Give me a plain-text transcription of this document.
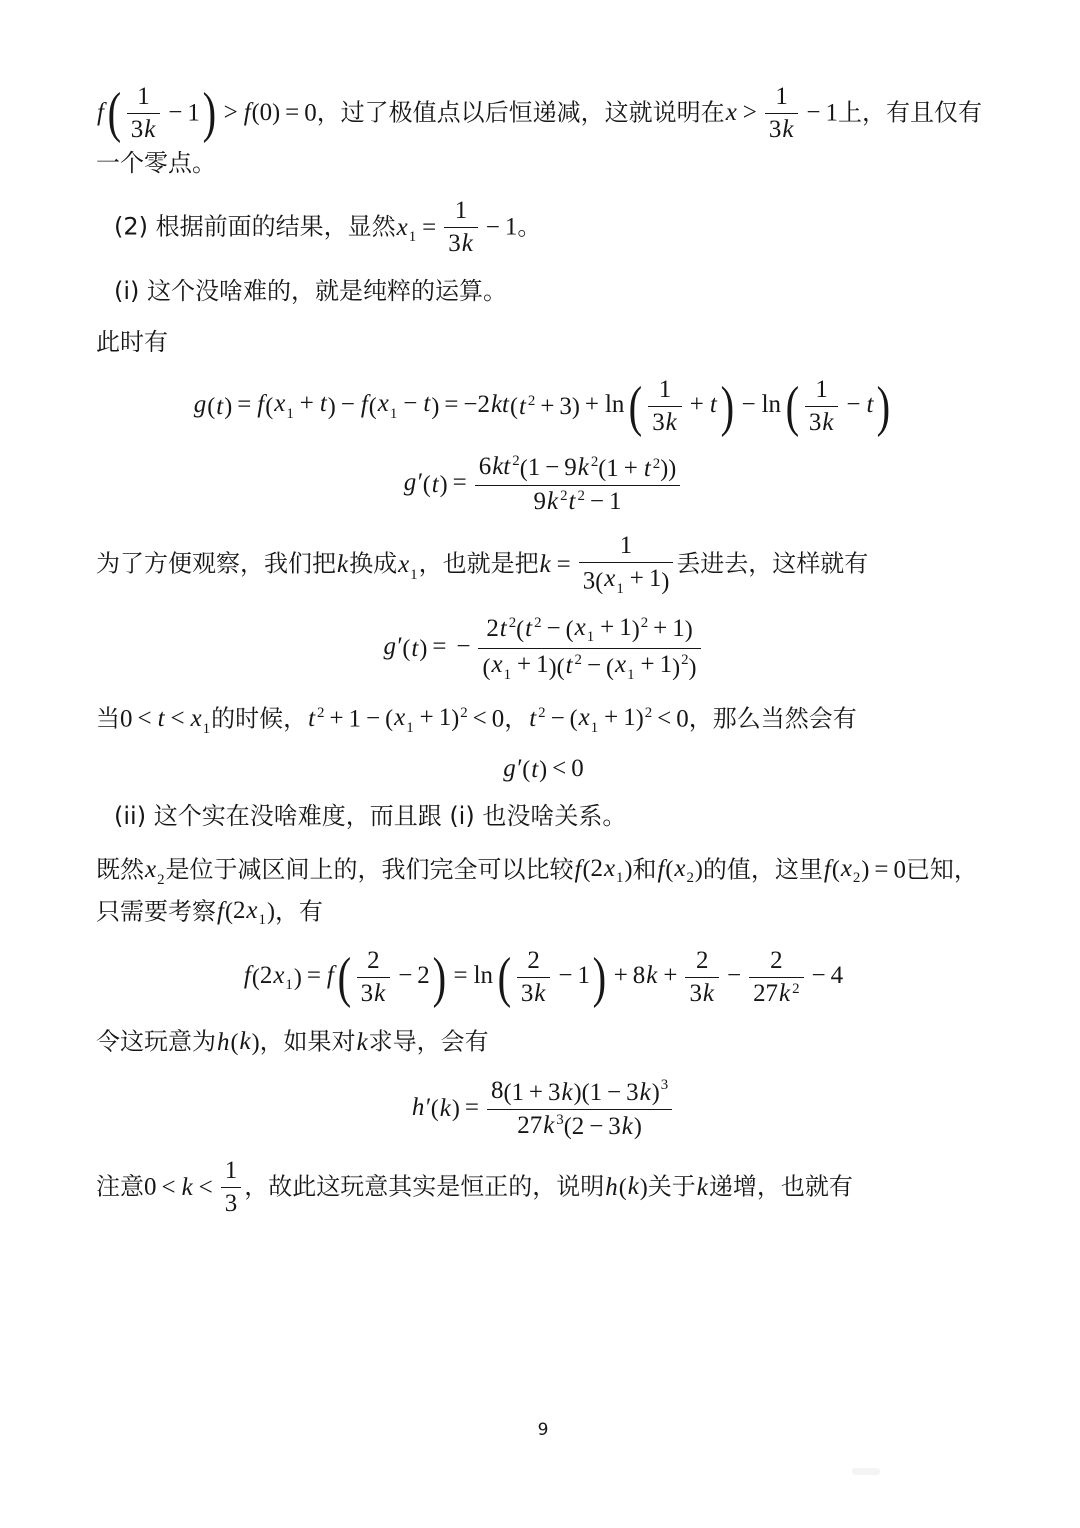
f ( $\frac{1}{3k} - 1$ ) > f ( 0 ) = 0，过了极值点以后恒递减，这就说明在$x > \frac{1}{3k} - 1$上，有且仅有一个零点。
(2) 根据前面的结果，显然$x_1 = \frac{1}{3k} - 1$。
(i) 这个没啥难的，就是纯粹的运算。
此时有
g ( t ) = f ( $x_1 + t$ ) − f ( $x_1 - t$ ) = −2kt ( t $^2$ + 3 ) + ln ( $\frac{1}{3k} + t$ ) − ln ( $\frac{1}{3k} - t$ )
g′ ( t ) = $\frac{6kt ^2 ( 1 - 9k ^2 ( 1 + t ^2 ) )}{9k ^2t ^2 - 1}$
为了方便观察，我们把k换成$x_1$，也就是把$k = \frac{1}{3 ( x_1 + 1 )}$ 丢进去，这样就有
g′ ( t ) = − $\frac{2t ^2 ( t ^2 - ( x_1 + 1 ) ^2 + 1 )}{( x_1 + 1 ) ( t ^2 - ( x_1 + 1 ) ^2 )}$
当$0 < t < x_1$的时候，t $^2$ + 1 − ( $x_1 + 1$ ) $^2$ < 0，t $^2$ − ( $x_1 + 1$ ) $^2$ < 0，那么当然会有
g′ ( t ) < 0
(ii) 这个实在没啥难度，而且跟 (i) 也没啥关系。
既然$x_2$是位于减区间上的，我们完全可以比较f ( $2x_1$ ) 和f ( $x_2$ ) 的值，这里f ( $x_2$ ) = 0已知，只需要考察f ( $2x_1$ ) ，有
f ( $2x_1$ ) = f ( $\frac{2}{3k} - 2$ ) = ln ( $\frac{2}{3k} - 1$ ) + $8k + \frac{2}{3k} - \frac{2}{27k ^2} - 4$
令这玩意为h ( k ) ，如果对k求导，会有
h′ ( k ) = $\frac{8 ( 1 + 3k ) ( 1 - 3k ) ^3}{27k ^3 ( 2 - 3k )}$
注意$0 < k < \frac{1}{3}$ ，故此这玩意其实是恒正的，说明h ( k ) 关于k递增，也就有
9
